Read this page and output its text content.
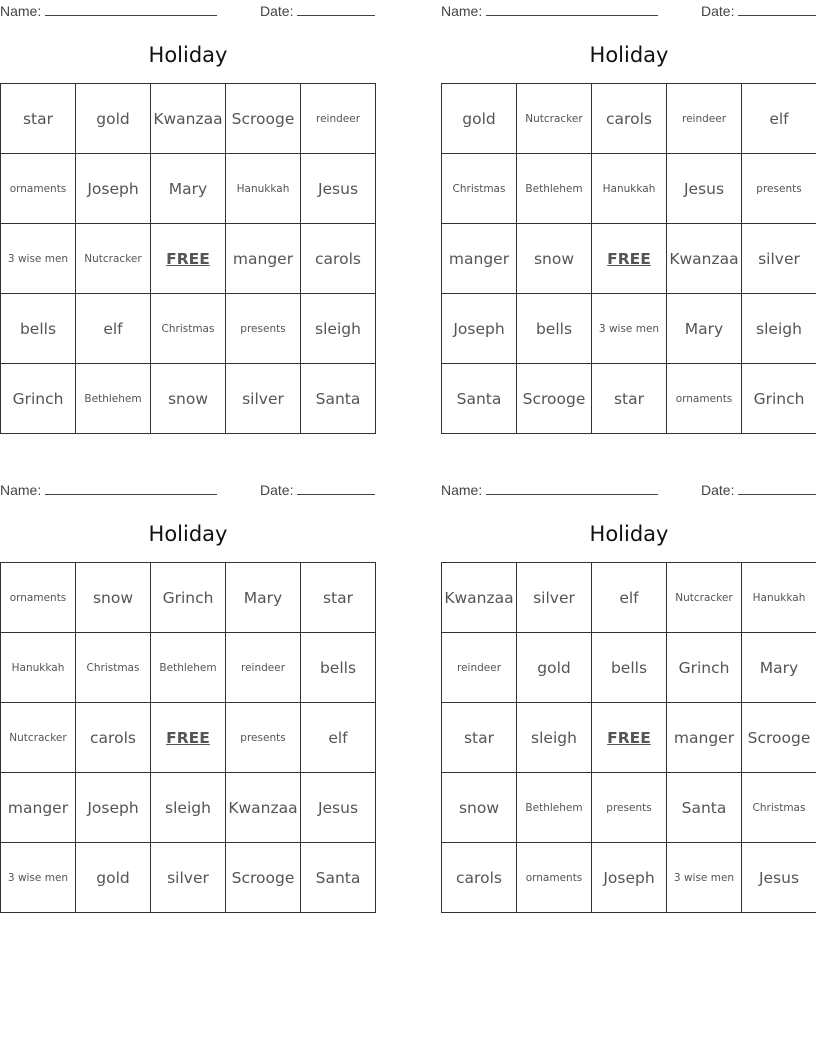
Name:	Date:
Holiday
star	gold	Kwanzaa	Scrooge	reindeer
ornaments	Joseph	Mary	Hanukkah	Jesus
3 wise men	Nutcracker	FREE	manger	carols
bells	elf	Christmas	presents	sleigh
Grinch	Bethlehem	snow	silver	Santa
Name:	Date:
Holiday
gold	Nutcracker	carols	reindeer	elf
Christmas	Bethlehem	Hanukkah	Jesus	presents
manger	snow	FREE	Kwanzaa	silver
Joseph	bells	3 wise men	Mary	sleigh
Santa	Scrooge	star	ornaments	Grinch
Name:	Date:
Holiday
ornaments	snow	Grinch	Mary	star
Hanukkah	Christmas	Bethlehem	reindeer	bells
Nutcracker	carols	FREE	presents	elf
manger	Joseph	sleigh	Kwanzaa	Jesus
3 wise men	gold	silver	Scrooge	Santa
Name:	Date:
Holiday
Kwanzaa	silver	elf	Nutcracker	Hanukkah
reindeer	gold	bells	Grinch	Mary
star	sleigh	FREE	manger	Scrooge
snow	Bethlehem	presents	Santa	Christmas
carols	ornaments	Joseph	3 wise men	Jesus
